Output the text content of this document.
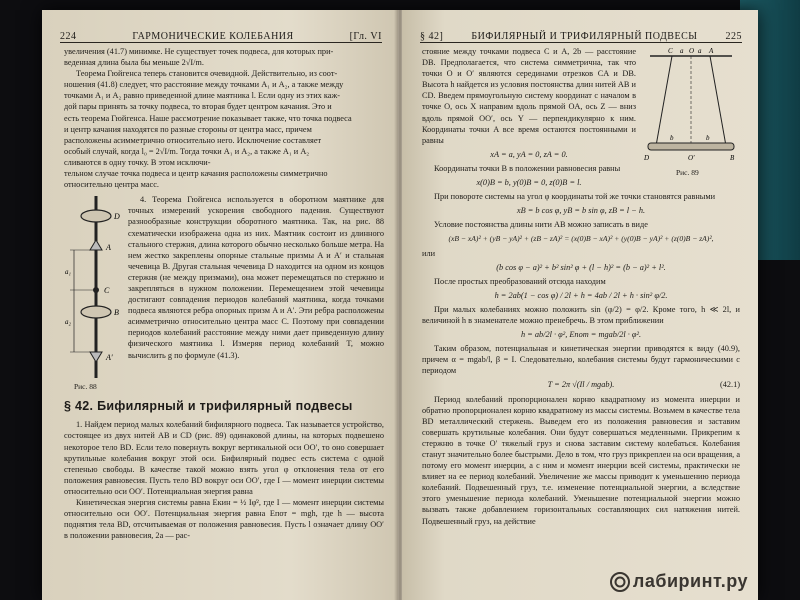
224	ГАРМОНИЧЕСКИЕ КОЛЕБАНИЯ	[Гл. VI

увеличения (41.7) минимке. Не существует точек подвеса, для которых при-

веденная длина была бы меньше 2√I/m.

Теорема Гюйгенса теперь становится очевидной. Действительно, из соот-

ношения (41.8) следует, что расстояние между точками A₁ и A₂, а также между

точками A₁ и A₂ равно приведенной длине маятника l. Если одну из этих каж-

дой пары принять за точку подвеса, то вторая будет центром качания. Это и

есть теорема Гюйгенса. Наше рассмотрение показывает также, что точка подвеса

и центр качания находятся по разные стороны от центра масс, причем

расположены асимметрично относительно него. Исключение составляет

особый случай, когда l₀ = 2√I/m. Тогда точки A₁ и A₂, а также A₁ и A₂

сливаются в одну точку. В этом исключи-

тельном случае точка подвеса и центр качания расположены симметрично

относительно центра масс.

D
A
a₁
C
B
a₂
A′
Рис. 88

4. Теорема Гюйгенса используется в оборотном маятнике для точных измерений ускорения свободного падения. Существуют разнообразные конструкции оборотного маятника. Так, на рис. 88 схематически изображена одна из них. Маятник состоит из длинного стального стержня, длина которого обычно несколько больше метра. На нем жестко закреплены опорные стальные призмы A и A′ и стальная чечевица B. Другая стальная чечевица D находится на одном из концов стержня (не между призмами), она может перемещаться по стержню и закрепляться в нужном положении. Перемещением этой чечевицы достигают совпадения периодов колебаний маятника, когда точками подвеса являются ребра опорных призм A и A′. Эти ребра расположены асимметрично относительно центра масс C. Поэтому при совпадении периодов колебаний расстояние между ними дает приведенную длину физического маятника l. Измеряя период колебаний T, можно вычислить g по формуле (41.3).

§ 42. Бифилярный и трифилярный подвесы

1. Найдем период малых колебаний бифилярного подвеса. Так называется устройство, состоящее из двух нитей AB и CD (рис. 89) одинаковой длины, на которых подвешено некоторое тело BD. Если тело повернуть вокруг вертикальной оси OO′, то оно совершает крутильные колебания вокруг этой оси. Бифилярный подвес есть система с одной степенью свободы. В качестве такой можно взять угол φ отклонения тела от его положения равновесия. Пусть тело BD вокруг оси OO′, где I — момент инерции системы относительно оси OO′. Потенциальная энергия равна

Кинетическая энергия системы равна Eкин = ½ Iφ̇², где I — момент инерции системы относительно оси OO′. Потенциальная энергия равна Eпот = mgh, где h — высота поднятия тела BD, отсчитываемая от положения равновесия. Пусть l означает длину OO′ в положении равновесия, 2a — рас-

§ 42]	БИФИЛЯРНЫЙ И ТРИФИЛЯРНЫЙ ПОДВЕСЫ	225
C a O a A
D
b
O′
b
B
Рис. 89

стояние между точками подвеса C и A, 2b — расстояние DB. Предполагается, что система симметрична, так что точки O и O′ являются серединами отрезков CA и DB. Высота h найдется из условия постоянства длин нитей AB и CD. Введем прямоугольную систему координат с началом в точке O, ось X направим вдоль прямой OA, ось Z — вниз вдоль прямой OO′, ось Y — перпендикулярно к ним. Координаты точки A все время остаются постоянными и равны

xA = a, yA = 0, zA = 0.

Координаты точки B в положении равновесия равны

x(0)B = b, y(0)B = 0, z(0)B = l.

При повороте системы на угол φ координаты той же точки становятся равными

xB = b cos φ, yB = b sin φ, zB = l − h.

Условие постоянства длины нити AB можно записать в виде

(xB − xA)² + (yB − yA)² + (zB − zA)² = (x(0)B − xA)² + (y(0)B − yA)² + (z(0)B − zA)²,

или

(b cos φ − a)² + b² sin² φ + (l − h)² = (b − a)² + l².

После простых преобразований отсюда находим

h = 2ab(1 − cos φ) / 2l + h = 4ab / 2l + h · sin² φ/2.

При малых колебаниях можно положить sin (φ/2) = φ/2. Кроме того, h ≪ 2l, и величиной h в знаменателе можно пренебречь. В этом приближении

h = ab/2l · φ², Eпот = mgab/2l · φ².

Таким образом, потенциальная и кинетическая энергии приводятся к виду (40.9), причем α = mgab/l, β = I. Следовательно, колебания системы будут гармоническими с периодом

T = 2π √(Il / mgab).	(42.1)

Период колебаний пропорционален корню квадратному из момента инерции и обратно пропорционален корню квадратному из массы системы. Возьмем в качестве тела BD металлический стержень. Выведем его из положения равновесия и заставим совершать крутильные колебания. Они будут совершаться медленными. Прикрепим к стержню в точке O′ тяжелый груз и снова заставим систему колебаться. Колебания станут значительно более быстрыми. Дело в том, что груз прикреплен на оси вращения, а потому его момент инерции, а с ним и момент инерции всей системы, практически не влияет на ее период колебаний. Увеличение же массы приводит к уменьшению периода колебаний. Подвешенный груз, т.е. изменение потенциальной энергии, а вследствие этого уменьшение периода колебаний. Уменьшение потенциальной энергии можно вызвать также добавлением горизонтальных составляющих сил натяжения нитей. Подвешенный груз, на действие

лабиринт.ру
